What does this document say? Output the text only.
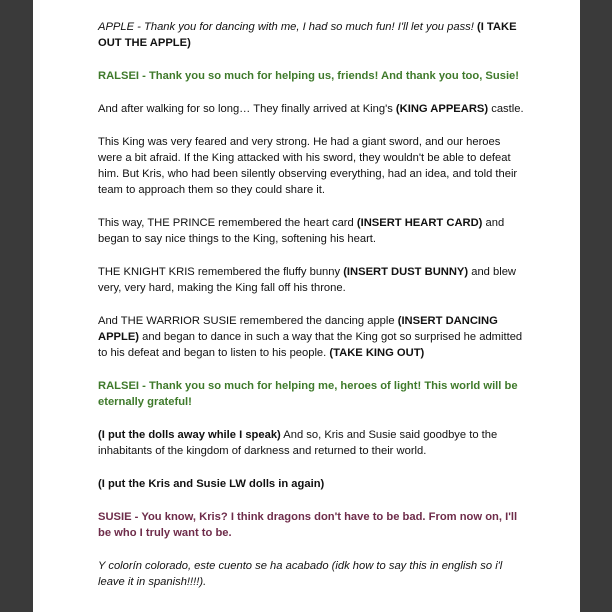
APPLE - Thank you for dancing with me, I had so much fun! I'll let you pass! (I TAKE OUT THE APPLE)

RALSEI - Thank you so much for helping us, friends! And thank you too, Susie!

And after walking for so long… They finally arrived at King's (KING APPEARS) castle.

This King was very feared and very strong. He had a giant sword, and our heroes were a bit afraid. If the King attacked with his sword, they wouldn't be able to defeat him. But Kris, who had been silently observing everything, had an idea, and told their team to approach them so they could share it.

This way, THE PRINCE remembered the heart card (INSERT HEART CARD) and began to say nice things to the King, softening his heart.

THE KNIGHT KRIS remembered the fluffy bunny (INSERT DUST BUNNY) and blew very, very hard, making the King fall off his throne.

And THE WARRIOR SUSIE remembered the dancing apple (INSERT DANCING APPLE) and began to dance in such a way that the King got so surprised he admitted to his defeat and began to listen to his people. (TAKE KING OUT)

RALSEI - Thank you so much for helping me, heroes of light! This world will be eternally grateful!

(I put the dolls away while I speak) And so, Kris and Susie said goodbye to the inhabitants of the kingdom of darkness and returned to their world.

(I put the Kris and Susie LW dolls in again)

SUSIE - You know, Kris? I think dragons don't have to be bad. From now on, I'll be who I truly want to be.

Y colorín colorado, este cuento se ha acabado (idk how to say this in english so i'l leave it in spanish!!!!).
